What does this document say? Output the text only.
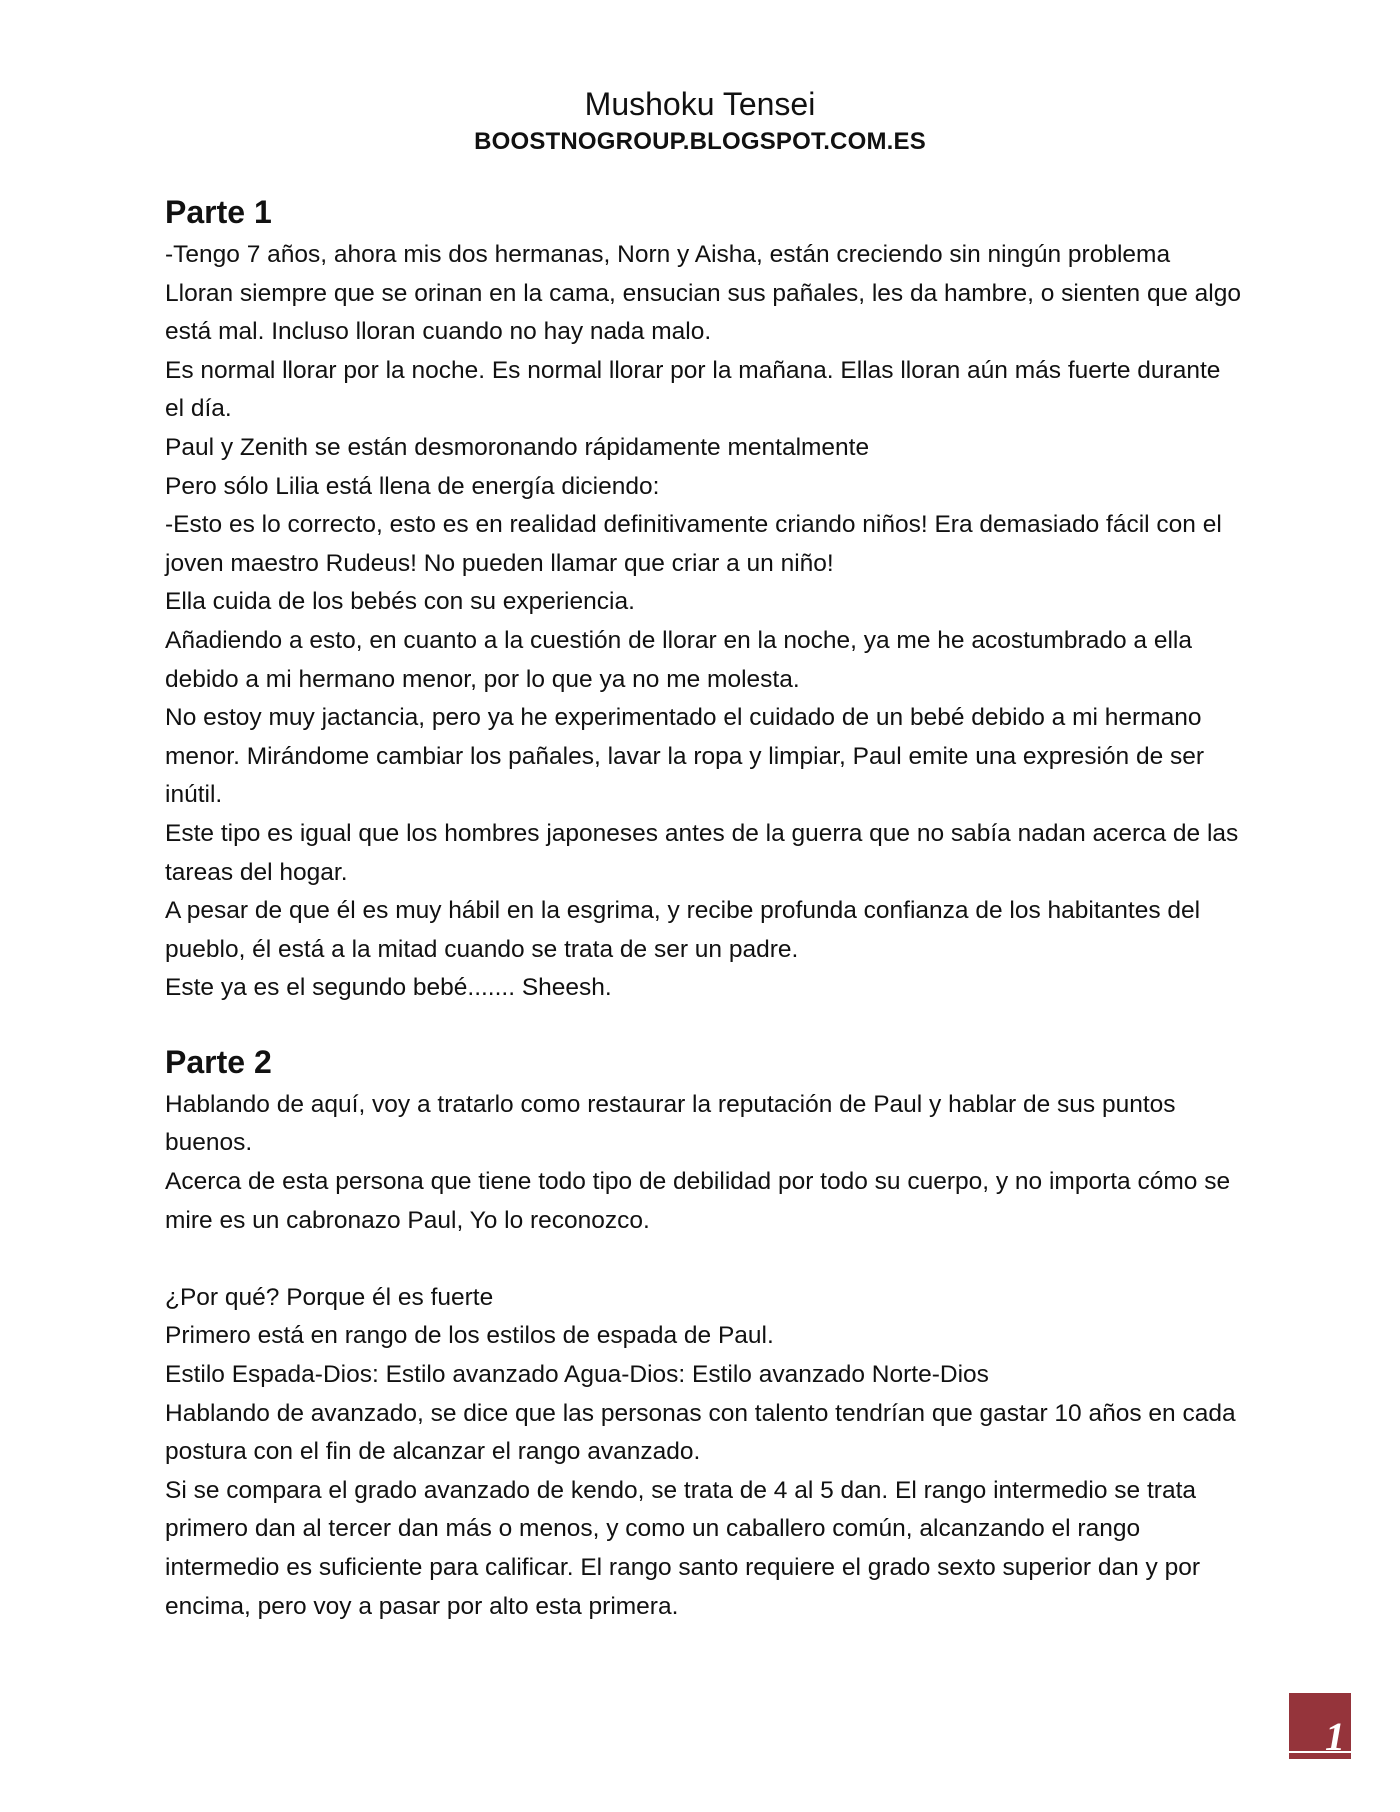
Mushoku Tensei
BOOSTNOGROUP.BLOGSPOT.COM.ES
Parte 1

-Tengo 7 años, ahora mis dos hermanas, Norn y Aisha, están creciendo sin ningún problema

Lloran siempre que se orinan en la cama, ensucian sus pañales, les da hambre, o sienten que algo está mal. Incluso lloran cuando no hay nada malo.

Es normal llorar por la noche. Es normal llorar por la mañana. Ellas lloran aún más fuerte durante el día.

Paul y Zenith se están desmoronando rápidamente mentalmente

Pero sólo Lilia está llena de energía diciendo:

-Esto es lo correcto, esto es en realidad definitivamente criando niños! Era demasiado fácil con el joven maestro Rudeus! No pueden llamar que criar a un niño!

Ella cuida de los bebés con su experiencia.

Añadiendo a esto, en cuanto a la cuestión de llorar en la noche, ya me he acostumbrado a ella debido a mi hermano menor, por lo que ya no me molesta.

No estoy muy jactancia, pero ya he experimentado el cuidado de un bebé debido a mi hermano menor. Mirándome cambiar los pañales, lavar la ropa y limpiar, Paul emite una expresión de ser inútil.

Este tipo es igual que los hombres japoneses antes de la guerra que no sabía nadan acerca de las tareas del hogar.

A pesar de que él es muy hábil en la esgrima, y recibe profunda confianza de los habitantes del pueblo, él está a la mitad cuando se trata de ser un padre.

Este ya es el segundo bebé....... Sheesh.

Parte 2

Hablando de aquí, voy a tratarlo como restaurar la reputación de Paul y hablar de sus puntos buenos.

Acerca de esta persona que tiene todo tipo de debilidad por todo su cuerpo, y no importa cómo se mire es un cabronazo Paul, Yo lo reconozco.

¿Por qué? Porque él es fuerte

Primero está en rango de los estilos de espada de Paul.

Estilo Espada-Dios: Estilo avanzado Agua-Dios: Estilo avanzado Norte-Dios

Hablando de avanzado, se dice que las personas con talento tendrían que gastar 10 años en cada postura con el fin de alcanzar el rango avanzado.

Si se compara el grado avanzado de kendo, se trata de 4 al 5 dan. El rango intermedio se trata primero dan al tercer dan más o menos, y como un caballero común, alcanzando el rango intermedio es suficiente para calificar. El rango santo requiere el grado sexto superior dan y por encima, pero voy a pasar por alto esta primera.

1
